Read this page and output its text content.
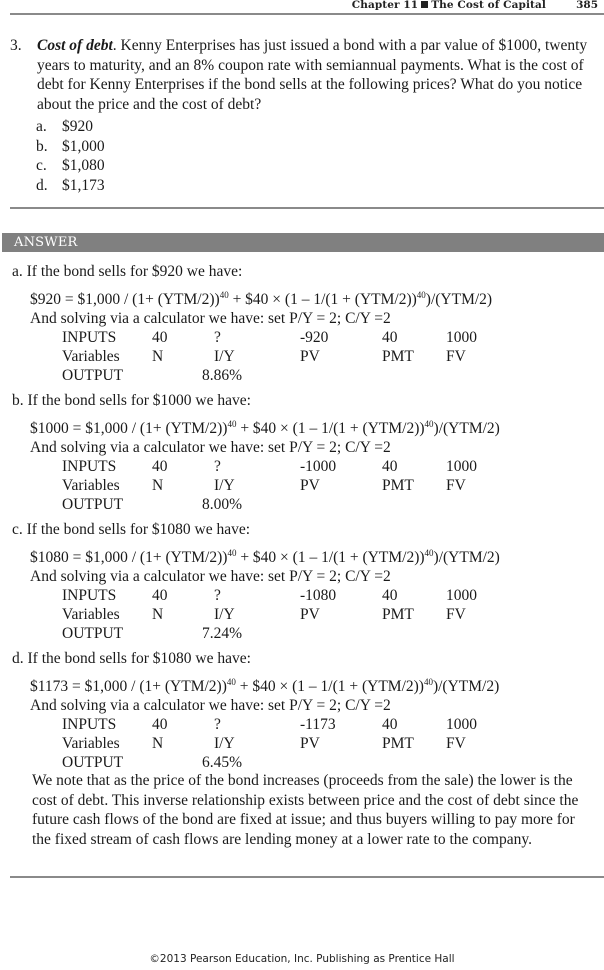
Chapter 11 The Cost of Capital	385
3. Cost of debt. Kenny Enterprises has just issued a bond with a par value of $1000, twenty years to maturity, and an 8% coupon rate with semiannual payments. What is the cost of debt for Kenny Enterprises if the bond sells at the following prices? What do you notice about the price and the cost of debt?
a. $920
b. $1,000
c. $1,080
d. $1,173
ANSWER
a. If the bond sells for $920 we have:
$920 = $1,000 / $(1+ (YTM/2))^{40}$ + $40 × $(1 - 1/(1 + (YTM/2))^{40})/(YTM/2)$
And solving via a calculator we have: set P/Y = 2; C/Y =2
INPUTS 40	?	-920	40	1000
Variables N	I/Y	PV	PMT FV
OUTPUT	8.86%
b. If the bond sells for $1000 we have:
$1000 = $1,000 / $(1+ (YTM/2))^{40}$ + $40 × $(1 - 1/(1 + (YTM/2))^{40})/(YTM/2)$
And solving via a calculator we have: set P/Y = 2; C/Y =2
INPUTS 40	?	-1000	40	1000
Variables N	I/Y	PV	PMT FV
OUTPUT	8.00%
c. If the bond sells for $1080 we have:
$1080 = $1,000 / $(1+ (YTM/2))^{40}$ + $40 × $(1 - 1/(1 + (YTM/2))^{40})/(YTM/2)$
And solving via a calculator we have: set P/Y = 2; C/Y =2
INPUTS 40	?	-1080	40	1000
Variables N	I/Y	PV	PMT FV
OUTPUT	7.24%
d. If the bond sells for $1080 we have:
$1173 = $1,000 / $(1+ (YTM/2))^{40}$ + $40 × $(1 - 1/(1 + (YTM/2))^{40})/(YTM/2)$
And solving via a calculator we have: set P/Y = 2; C/Y =2
INPUTS 40	?	-1173	40	1000
Variables N	I/Y	PV	PMT FV
OUTPUT	6.45%
We note that as the price of the bond increases (proceeds from the sale) the lower is the cost of debt. This inverse relationship exists between price and the cost of debt since the future cash flows of the bond are fixed at issue; and thus buyers willing to pay more for the fixed stream of cash flows are lending money at a lower rate to the company.
©2013 Pearson Education, Inc. Publishing as Prentice Hall
